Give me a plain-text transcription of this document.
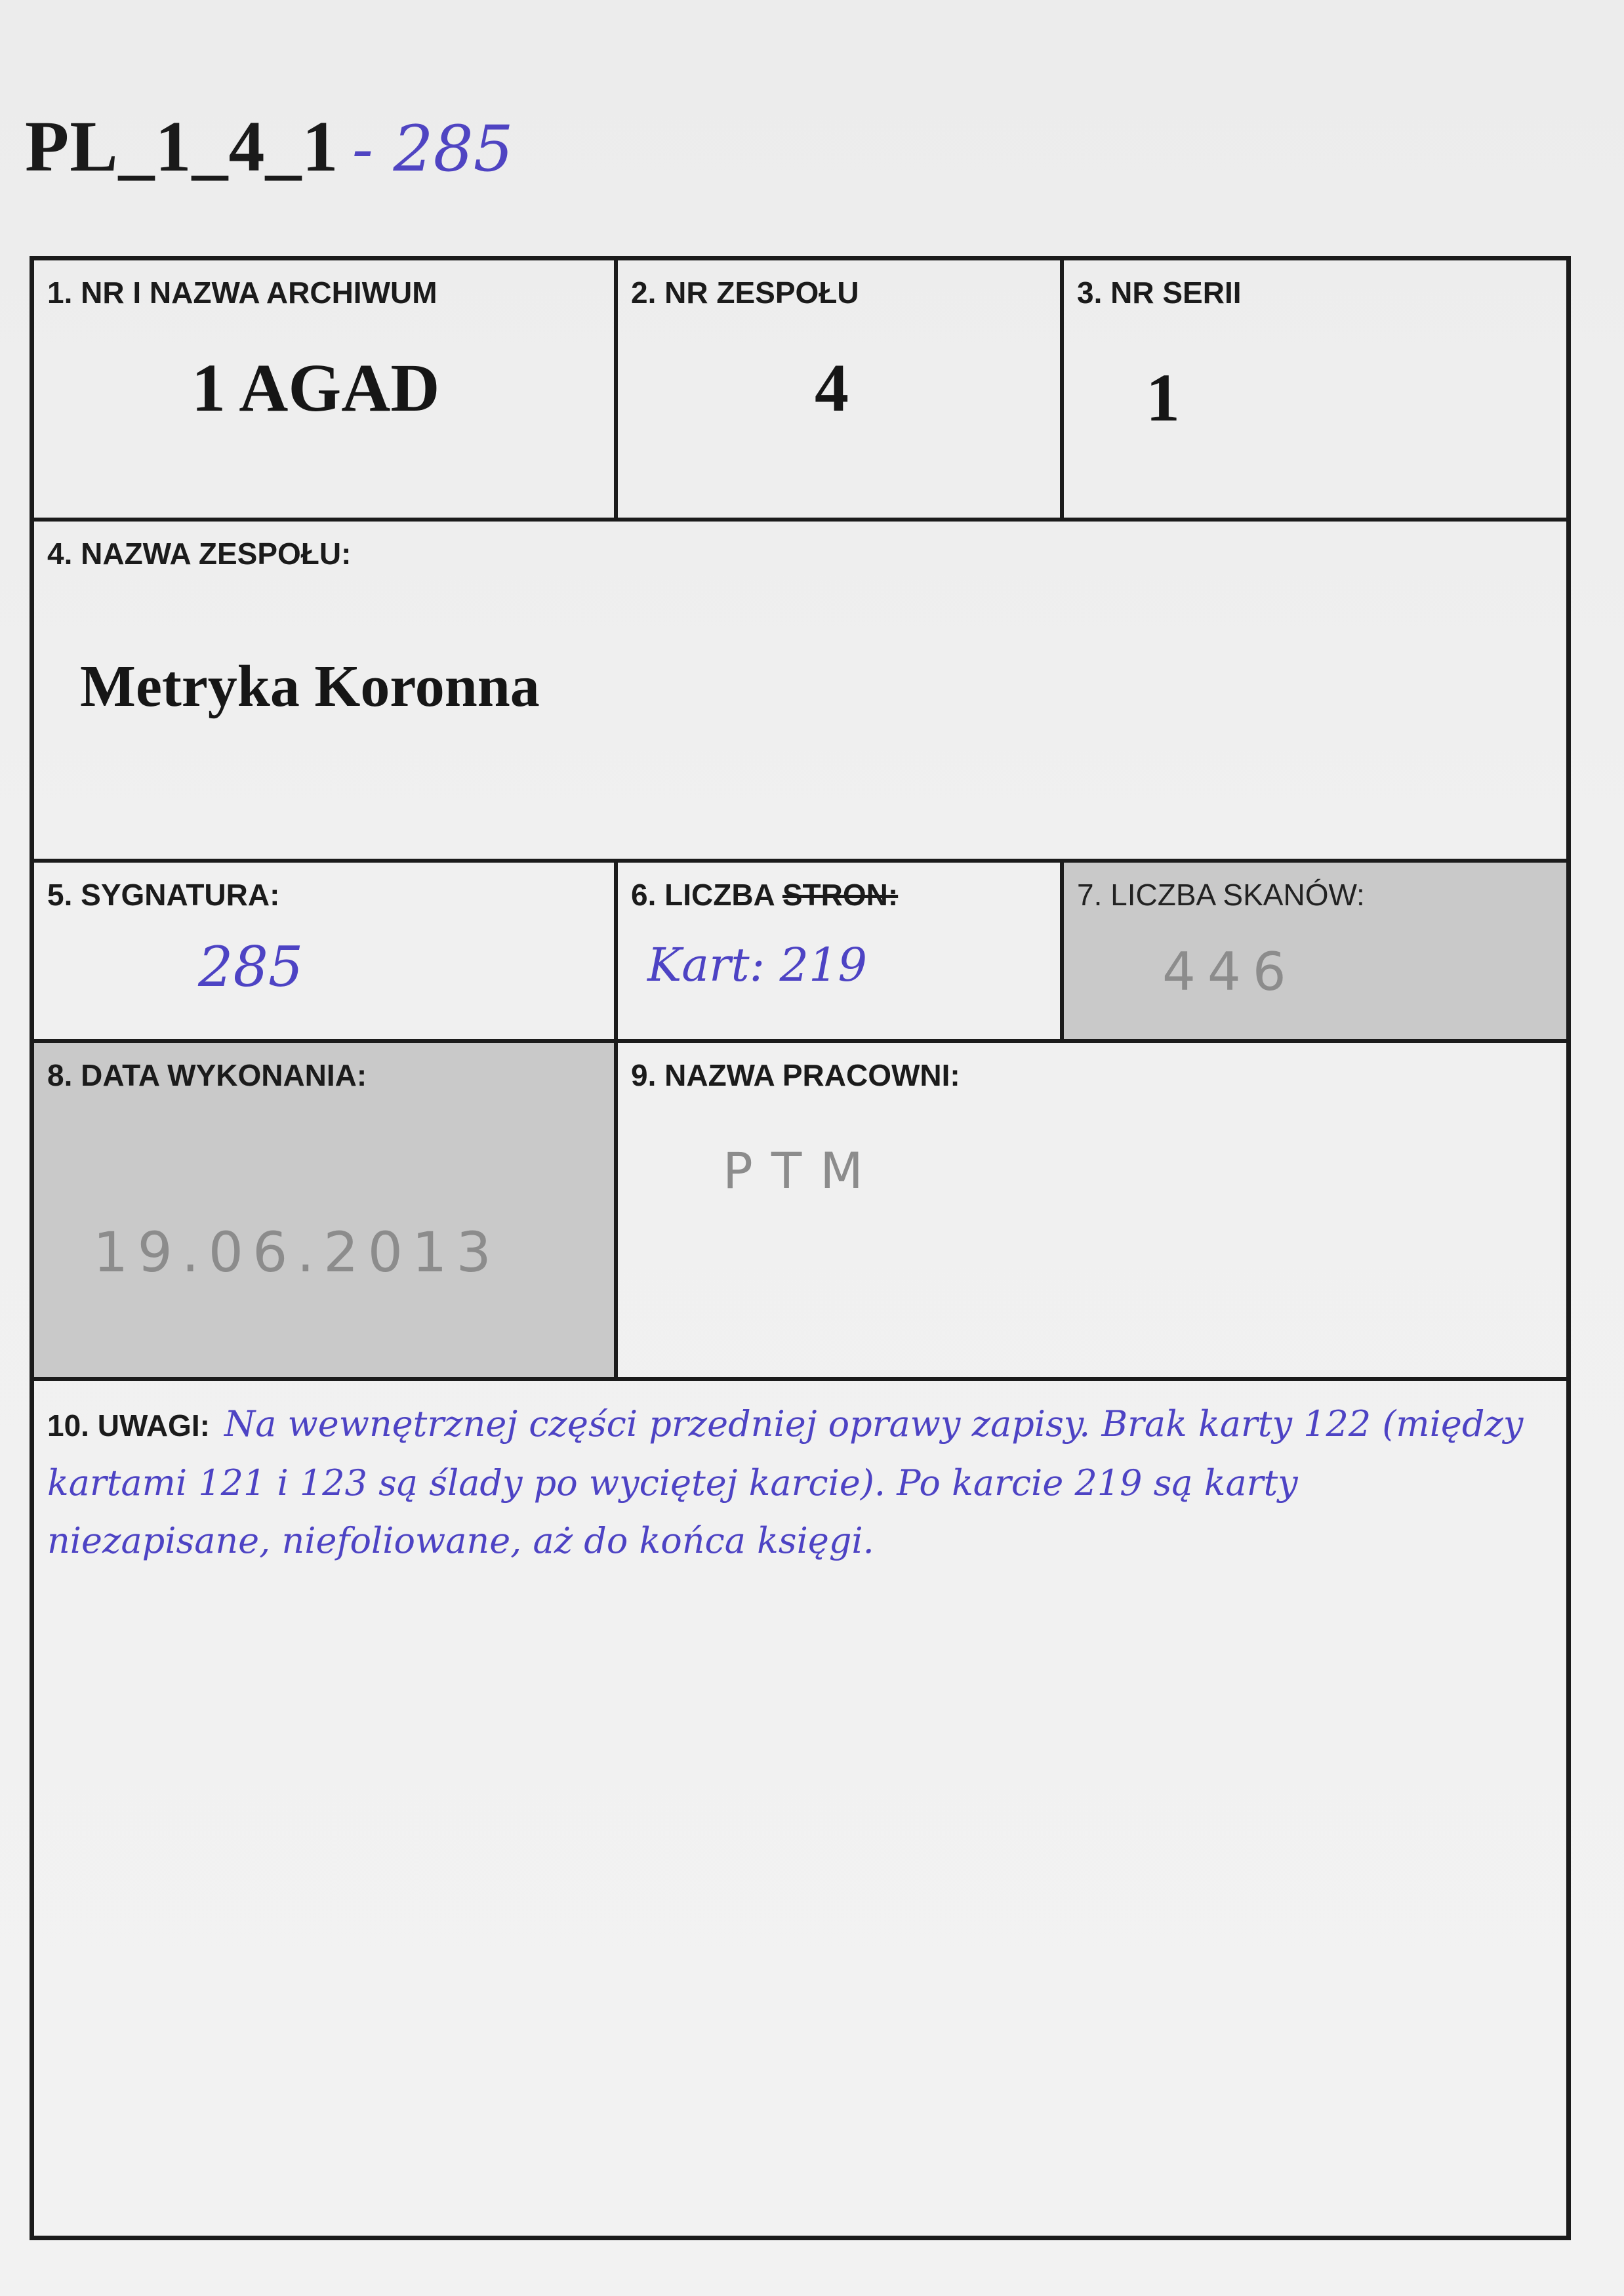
PL_1_4_1 - 285
1. NR I NAZWA ARCHIWUM
1 AGAD
2. NR ZESPOŁU
4
3. NR SERII
1
4. NAZWA ZESPOŁU:
Metryka Koronna
5. SYGNATURA:
285
6. LICZBA STRON:
Kart: 219
7. LICZBA SKANÓW:
446
8. DATA WYKONANIA:
19.06.2013
9. NAZWA PRACOWNI:
PTM
10. UWAGI: Na wewnętrznej części przedniej oprawy zapisy. Brak karty 122 (między kartami 121 i 123 są ślady po wyciętej karcie). Po karcie 219 są karty niezapisane, niefoliowane, aż do końca księgi.
